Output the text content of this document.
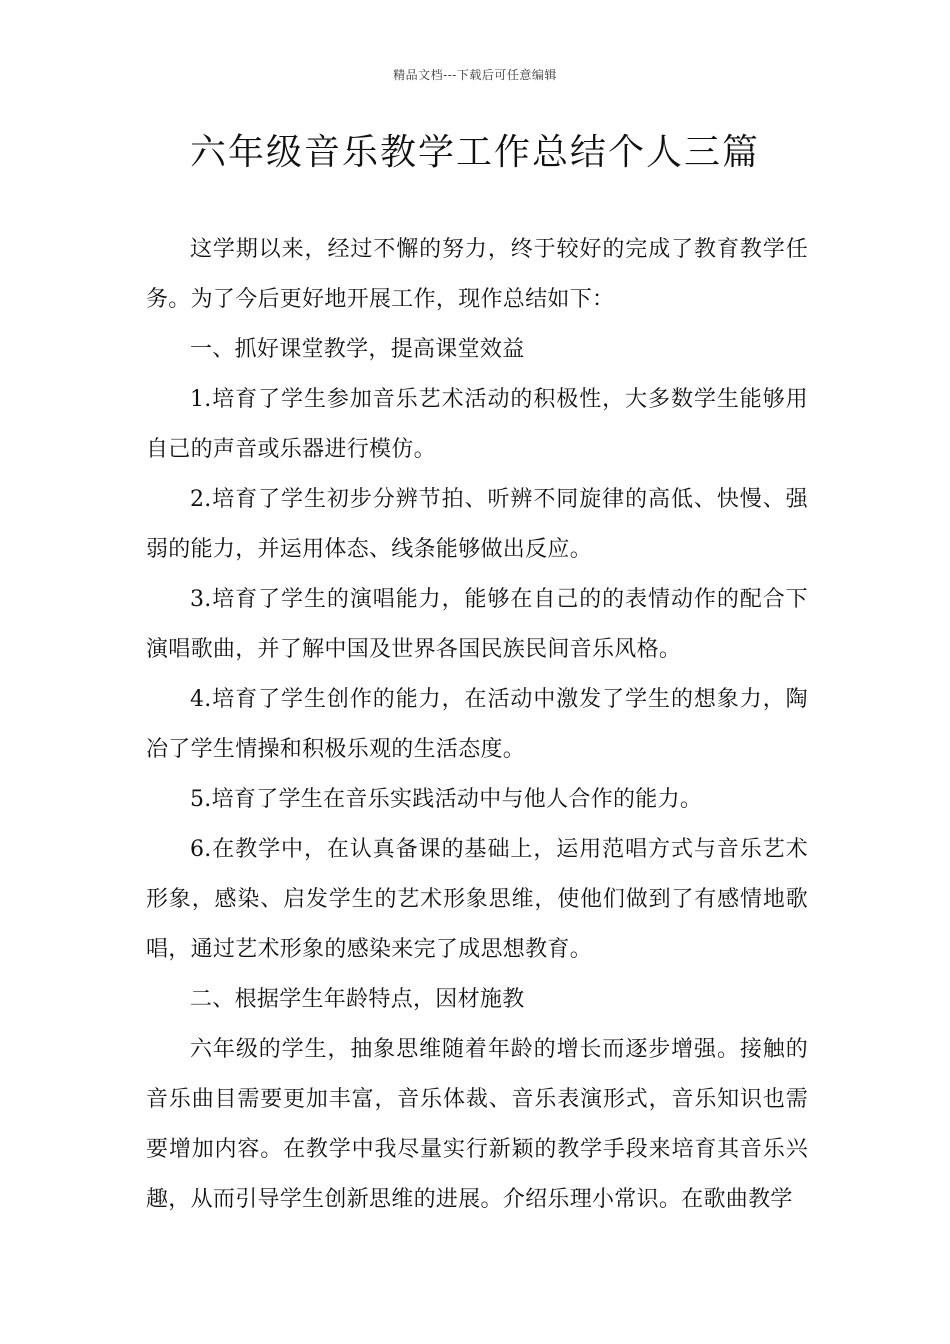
精品文档---下载后可任意编辑
六年级音乐教学工作总结个人三篇

这学期以来，经过不懈的努力，终于较好的完成了教育教学任务。为了今后更好地开展工作，现作总结如下：

一、抓好课堂教学，提高课堂效益

1.培育了学生参加音乐艺术活动的积极性，大多数学生能够用自己的声音或乐器进行模仿。

2.培育了学生初步分辨节拍、听辨不同旋律的高低、快慢、强弱的能力，并运用体态、线条能够做出反应。

3.培育了学生的演唱能力，能够在自己的的表情动作的配合下演唱歌曲，并了解中国及世界各国民族民间音乐风格。

4.培育了学生创作的能力，在活动中激发了学生的想象力，陶冶了学生情操和积极乐观的生活态度。

5.培育了学生在音乐实践活动中与他人合作的能力。

6.在教学中，在认真备课的基础上，运用范唱方式与音乐艺术形象，感染、启发学生的艺术形象思维，使他们做到了有感情地歌唱，通过艺术形象的感染来完了成思想教育。

二、根据学生年龄特点，因材施教

六年级的学生，抽象思维随着年龄的增长而逐步增强。接触的音乐曲目需要更加丰富，音乐体裁、音乐表演形式，音乐知识也需要增加内容。在教学中我尽量实行新颖的教学手段来培育其音乐兴趣，从而引导学生创新思维的进展。介绍乐理小常识。在歌曲教学
